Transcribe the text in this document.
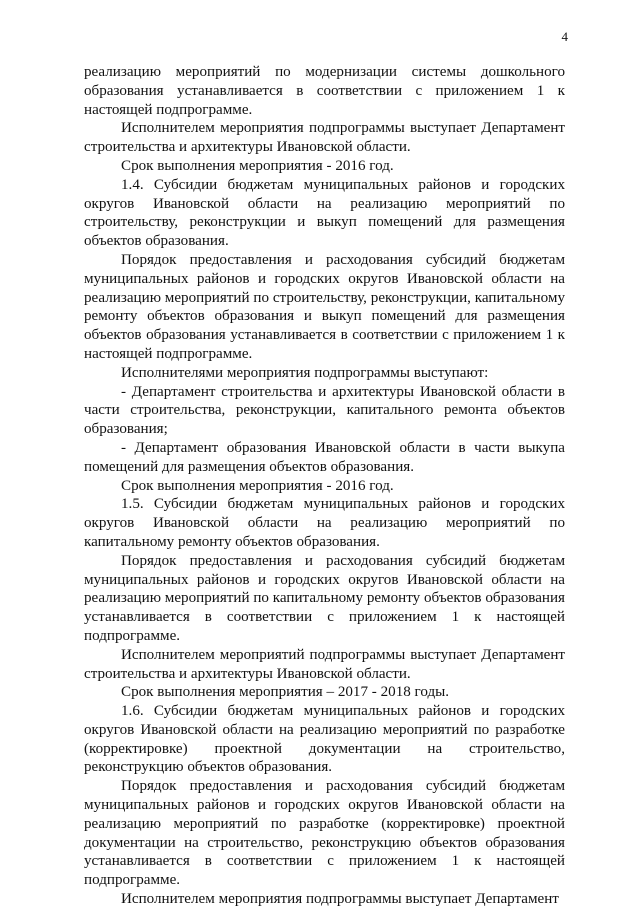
4

реализацию мероприятий по модернизации системы дошкольного образования устанавливается в соответствии с приложением 1 к настоящей подпрограмме.

Исполнителем мероприятия подпрограммы выступает Департамент строительства и архитектуры Ивановской области.

Срок выполнения мероприятия - 2016 год.

1.4. Субсидии бюджетам муниципальных районов и городских округов Ивановской области на реализацию мероприятий по строительству, реконструкции и выкуп помещений для размещения объектов образования.

Порядок предоставления и расходования субсидий бюджетам муниципальных районов и городских округов Ивановской области на реализацию мероприятий по строительству, реконструкции, капитальному ремонту объектов образования и выкуп помещений для размещения объектов образования устанавливается в соответствии с приложением 1 к настоящей подпрограмме.

Исполнителями мероприятия подпрограммы выступают:

- Департамент строительства и архитектуры Ивановской области в части строительства, реконструкции, капитального ремонта объектов образования;

- Департамент образования Ивановской области в части выкупа помещений для размещения объектов образования.

Срок выполнения мероприятия - 2016 год.

1.5. Субсидии бюджетам муниципальных районов и городских округов Ивановской области на реализацию мероприятий по капитальному ремонту объектов образования.

Порядок предоставления и расходования субсидий бюджетам муниципальных районов и городских округов Ивановской области на реализацию мероприятий по капитальному ремонту объектов образования устанавливается в соответствии с приложением 1 к настоящей подпрограмме.

Исполнителем мероприятий подпрограммы выступает Департамент строительства и архитектуры Ивановской области.

Срок выполнения мероприятия – 2017 - 2018 годы.

1.6. Субсидии бюджетам муниципальных районов и городских округов Ивановской области на реализацию мероприятий по разработке (корректировке) проектной документации на строительство, реконструкцию объектов образования.

Порядок предоставления и расходования субсидий бюджетам муниципальных районов и городских округов Ивановской области на реализацию мероприятий по разработке (корректировке) проектной документации на строительство, реконструкцию объектов образования устанавливается в соответствии с приложением 1 к настоящей подпрограмме.

Исполнителем мероприятия подпрограммы выступает Департамент
